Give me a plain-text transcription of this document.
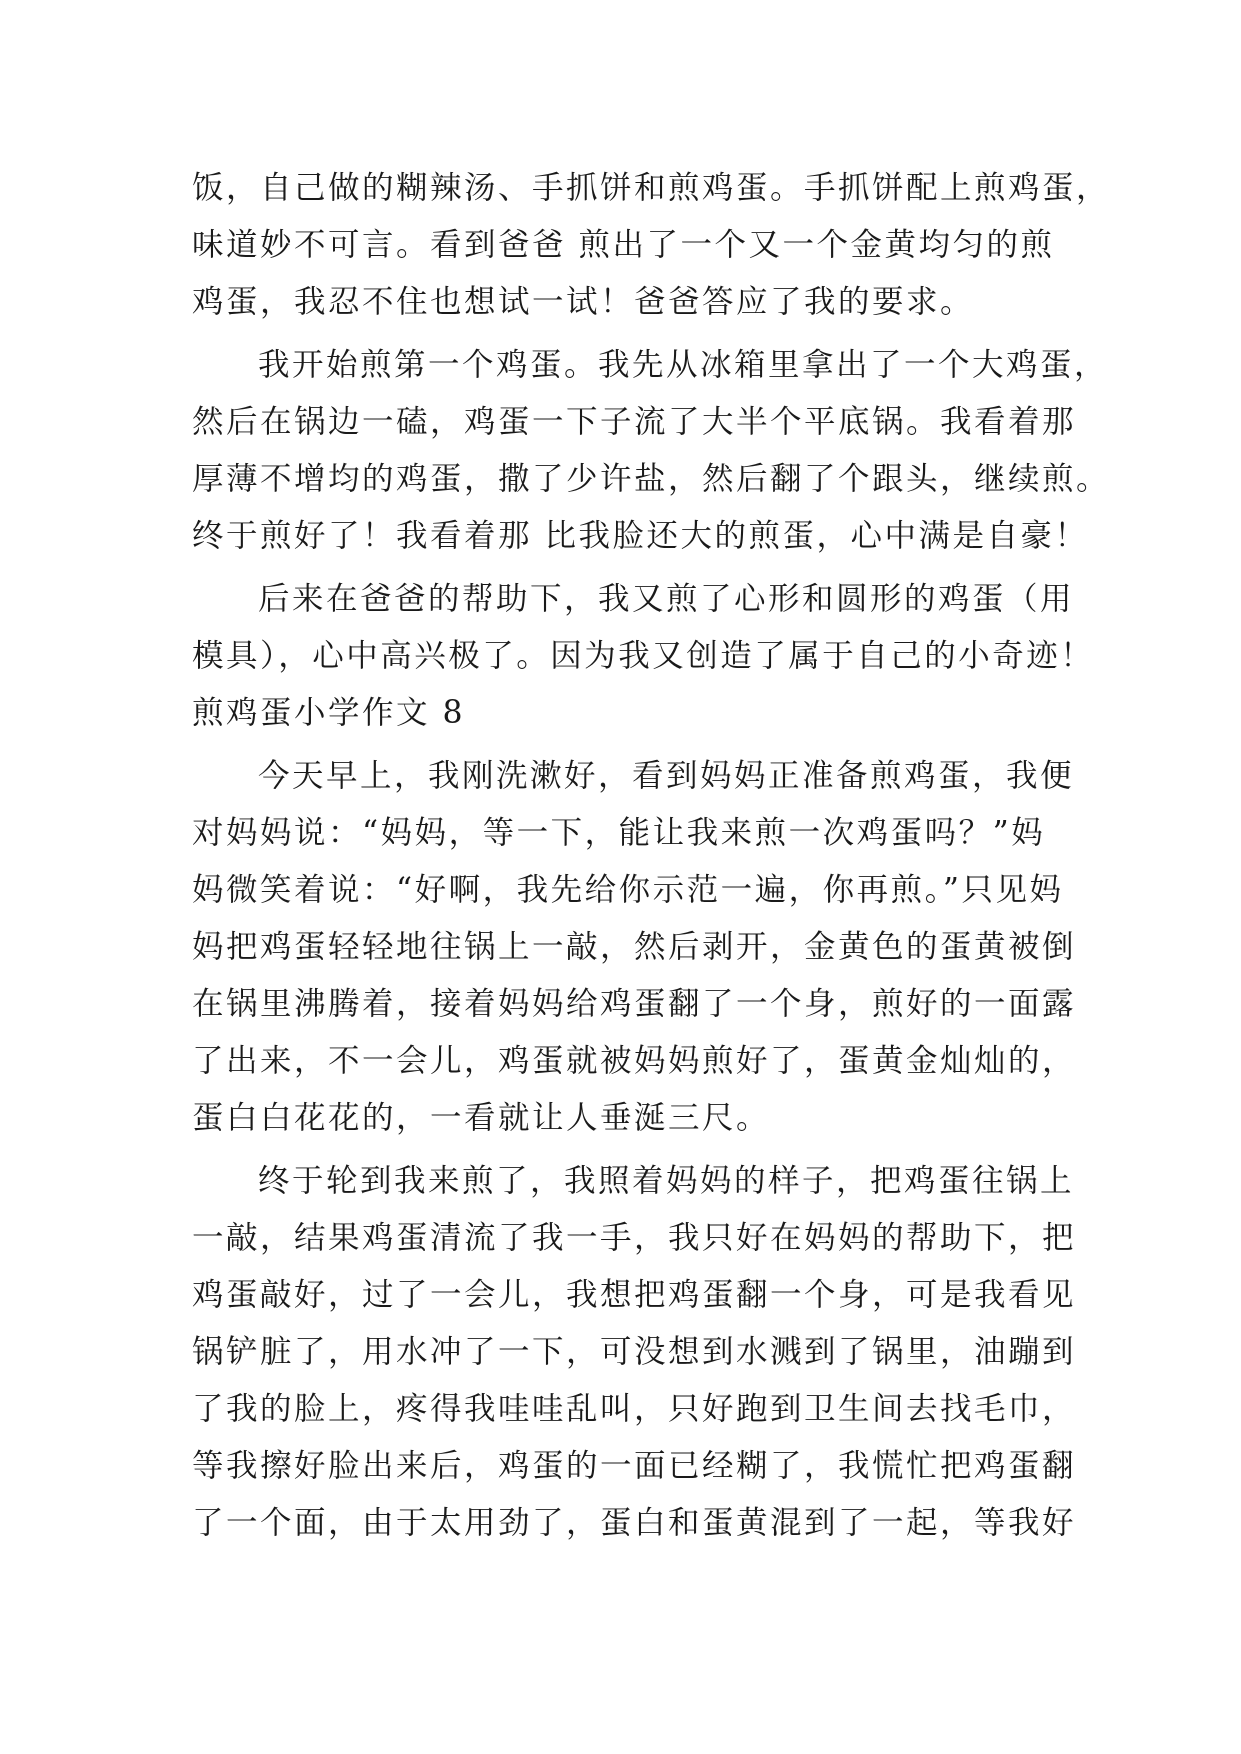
饭，自己做的糊辣汤、手抓饼和煎鸡蛋。手抓饼配上煎鸡蛋，
味道妙不可言。看到爸爸 煎出了一个又一个金黄均匀的煎
鸡蛋，我忍不住也想试一试！爸爸答应了我的要求。
我开始煎第一个鸡蛋。我先从冰箱里拿出了一个大鸡蛋，
然后在锅边一磕，鸡蛋一下子流了大半个平底锅。我看着那
厚薄不增均的鸡蛋，撒了少许盐，然后翻了个跟头，继续煎。
终于煎好了！我看着那 比我脸还大的煎蛋，心中满是自豪！
后来在爸爸的帮助下，我又煎了心形和圆形的鸡蛋（用
模具），心中高兴极了。因为我又创造了属于自己的小奇迹！
煎鸡蛋小学作文 8
今天早上，我刚洗漱好，看到妈妈正准备煎鸡蛋，我便
对妈妈说：“妈妈，等一下，能让我来煎一次鸡蛋吗？”妈
妈微笑着说：“好啊，我先给你示范一遍，你再煎。”只见妈
妈把鸡蛋轻轻地往锅上一敲，然后剥开，金黄色的蛋黄被倒
在锅里沸腾着，接着妈妈给鸡蛋翻了一个身，煎好的一面露
了出来，不一会儿，鸡蛋就被妈妈煎好了，蛋黄金灿灿的，
蛋白白花花的，一看就让人垂涎三尺。
终于轮到我来煎了，我照着妈妈的样子，把鸡蛋往锅上
一敲，结果鸡蛋清流了我一手，我只好在妈妈的帮助下，把
鸡蛋敲好，过了一会儿，我想把鸡蛋翻一个身，可是我看见
锅铲脏了，用水冲了一下，可没想到水溅到了锅里，油蹦到
了我的脸上，疼得我哇哇乱叫，只好跑到卫生间去找毛巾，
等我擦好脸出来后，鸡蛋的一面已经糊了，我慌忙把鸡蛋翻
了一个面，由于太用劲了，蛋白和蛋黄混到了一起，等我好
